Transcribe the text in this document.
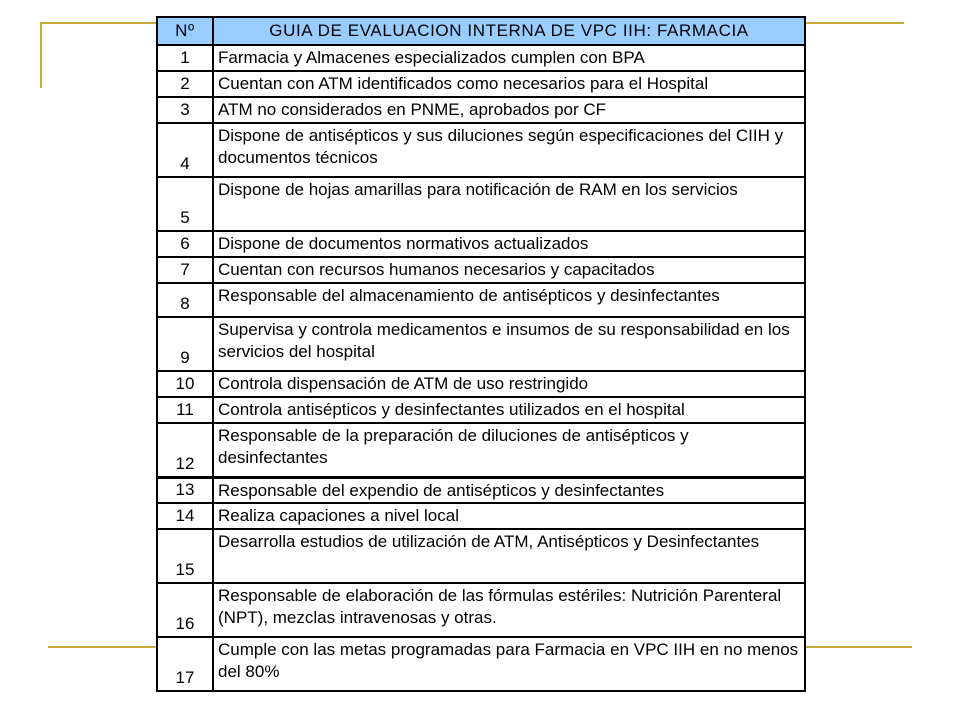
Nº	GUIA DE EVALUACION INTERNA DE VPC IIH: FARMACIA
1	Farmacia y Almacenes especializados cumplen con BPA
2	Cuentan con ATM identificados como necesarios para el Hospital
3	ATM no considerados en PNME, aprobados por CF
4	Dispone de antisépticos y sus diluciones según especificaciones del CIIH y documentos técnicos
5	Dispone de hojas amarillas para notificación de RAM en los servicios
6	Dispone de documentos normativos actualizados
7	Cuentan con recursos humanos necesarios y capacitados
8	Responsable del almacenamiento de antisépticos y desinfectantes
9	Supervisa y controla medicamentos e insumos de su responsabilidad en los servicios del hospital
10	Controla dispensación de ATM de uso restringido
11	Controla antisépticos y desinfectantes utilizados en el hospital
12	Responsable de la preparación de diluciones de antisépticos y desinfectantes
13	Responsable del expendio de antisépticos y desinfectantes
14	Realiza capaciones a nivel local
15	Desarrolla estudios de utilización de ATM, Antisépticos y Desinfectantes
16	Responsable de elaboración de las fórmulas estériles: Nutrición Parenteral (NPT), mezclas intravenosas y otras.
17	Cumple con las metas programadas para Farmacia en VPC IIH en no menos del 80%
